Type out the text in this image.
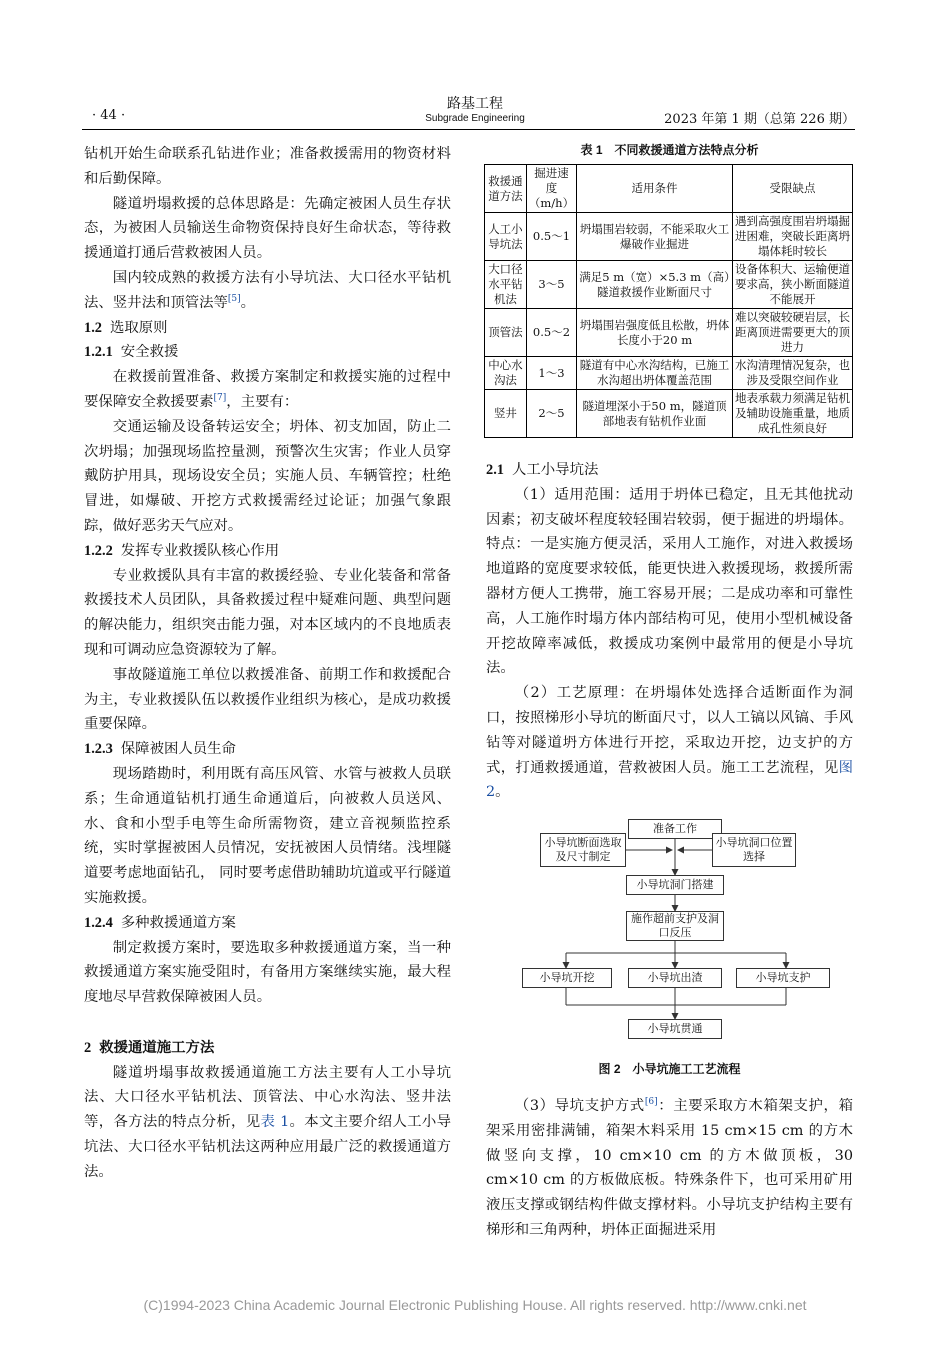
· 44 ·
路基工程
Subgrade Engineering	2023 年第 1 期（总第 226 期）

钻机开始生命联系孔钻进作业；准备救援需用的物资材料和后勤保障。

隧道坍塌救援的总体思路是：先确定被困人员生存状态，为被困人员输送生命物资保持良好生命状态，等待救援通道打通后营救被困人员。

国内较成熟的救援方法有小导坑法、大口径水平钻机法、竖井法和顶管法等[5]。

1.2 选取原则

1.2.1 安全救援

在救援前置准备、救援方案制定和救援实施的过程中要保障安全救援要素[7]，主要有：

交通运输及设备转运安全；坍体、初支加固，防止二次坍塌；加强现场监控量测，预警次生灾害；作业人员穿戴防护用具，现场设安全员；实施人员、车辆管控；杜绝冒进，如爆破、开挖方式救援需经过论证；加强气象跟踪，做好恶劣天气应对。

1.2.2 发挥专业救援队核心作用

专业救援队具有丰富的救援经验、专业化装备和常备救援技术人员团队，具备救援过程中疑难问题、典型问题的解决能力，组织突击能力强，对本区域内的不良地质表现和可调动应急资源较为了解。

事故隧道施工单位以救援准备、前期工作和救援配合为主，专业救援队伍以救援作业组织为核心，是成功救援重要保障。

1.2.3 保障被困人员生命

现场踏勘时，利用既有高压风管、水管与被救人员联系；生命通道钻机打通生命通道后，向被救人员送风、水、食和小型手电等生命所需物资，建立音视频监控系统，实时掌握被困人员情况，安抚被困人员情绪。浅埋隧道要考虑地面钻孔， 同时要考虑借助辅助坑道或平行隧道实施救援。

1.2.4 多种救援通道方案

制定救援方案时，要选取多种救援通道方案，当一种救援通道方案实施受阻时，有备用方案继续实施，最大程度地尽早营救保障被困人员。

2 救援通道施工方法

隧道坍塌事故救援通道施工方法主要有人工小导坑法、大口径水平钻机法、顶管法、中心水沟法、竖井法等，各方法的特点分析，见表 1。本文主要介绍人工小导坑法、大口径水平钻机法这两种应用最广泛的救援通道方法。

表 1　不同救援通道方法特点分析
救援通道方法	掘进速度（m/h）	适用条件	受限缺点
人工小导坑法	0.5～1	坍塌围岩较弱，不能采取火工爆破作业掘进	遇到高强度围岩坍塌掘进困难，突破长距离坍塌体耗时较长
大口径水平钻机法	3～5	满足5 m（宽）×5.3 m（高）隧道救援作业断面尺寸	设备体积大、运输便道要求高，狭小断面隧道不能展开
顶管法	0.5～2	坍塌围岩强度低且松散，坍体长度小于20 m	难以突破较硬岩层，长距离顶进需要更大的顶进力
中心水沟法	1～3	隧道有中心水沟结构，已施工水沟超出坍体覆盖范围	水沟清理情况复杂，也涉及受限空间作业
竖井	2～5	隧道埋深小于50 m，隧道顶部地表有钻机作业面	地表承载力须满足钻机及辅助设施重量，地质成孔性须良好

2.1 人工小导坑法

（1）适用范围：适用于坍体已稳定，且无其他扰动因素；初支破坏程度较轻围岩较弱，便于掘进的坍塌体。特点：一是实施方便灵活，采用人工施作，对进入救援场地道路的宽度要求较低，能更快进入救援现场，救援所需器材方便人工携带，施工容易开展；二是成功率和可靠性高，人工施作时塌方体内部结构可见，使用小型机械设备开挖故障率减低，救援成功案例中最常用的便是小导坑法。

（2）工艺原理：在坍塌体处选择合适断面作为洞口，按照梯形小导坑的断面尺寸，以人工镐以风镐、手风钻等对隧道坍方体进行开挖，采取边开挖，边支护的方式，打通救援通道，营救被困人员。施工工艺流程，见图 2。

准备工作
小导坑断面选取及尺寸制定
小导坑洞口位置选择
小导坑洞门搭建
施作超前支护及洞口反压
小导坑开挖	小导坑出渣	小导坑支护
小导坑贯通
图 2　小导坑施工工艺流程

（3）导坑支护方式[6]：主要采取方木箱架支护，箱架采用密排满铺，箱架木料采用 15 cm×15 cm 的方木做竖向支撑，10 cm×10 cm 的方木做顶板，30 cm×10 cm 的方板做底板。特殊条件下，也可采用矿用液压支撑或钢结构件做支撑材料。小导坑支护结构主要有梯形和三角两种，坍体正面掘进采用

(C)1994-2023 China Academic Journal Electronic Publishing House. All rights reserved. http://www.cnki.net
